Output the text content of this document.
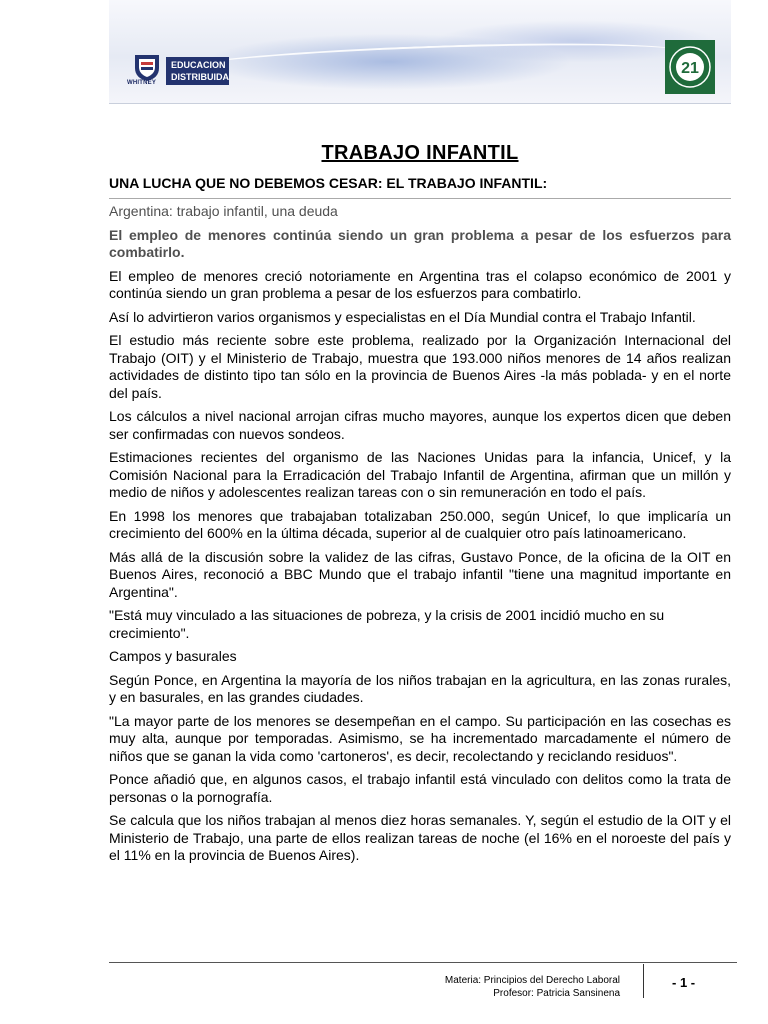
WHITNEY
EDUCACION
DISTRIBUIDA	21
TRABAJO INFANTIL
UNA LUCHA QUE NO DEBEMOS CESAR: EL TRABAJO INFANTIL:

Argentina: trabajo infantil, una deuda

El empleo de menores continúa siendo un gran problema a pesar de los esfuerzos para combatirlo.

El empleo de menores creció notoriamente en Argentina tras el colapso económico de 2001 y continúa siendo un gran problema a pesar de los esfuerzos para combatirlo.

Así lo advirtieron varios organismos y especialistas en el Día Mundial contra el Trabajo Infantil.

El estudio más reciente sobre este problema, realizado por la Organización Internacional del Trabajo (OIT) y el Ministerio de Trabajo, muestra que 193.000 niños menores de 14 años realizan actividades de distinto tipo tan sólo en la provincia de Buenos Aires -la más poblada- y en el norte del país.

Los cálculos a nivel nacional arrojan cifras mucho mayores, aunque los expertos dicen que deben ser confirmadas con nuevos sondeos.

Estimaciones recientes del organismo de las Naciones Unidas para la infancia, Unicef, y la Comisión Nacional para la Erradicación del Trabajo Infantil de Argentina, afirman que un millón y medio de niños y adolescentes realizan tareas con o sin remuneración en todo el país.

En 1998 los menores que trabajaban totalizaban 250.000, según Unicef, lo que implicaría un crecimiento del 600% en la última década, superior al de cualquier otro país latinoamericano.

Más allá de la discusión sobre la validez de las cifras, Gustavo Ponce, de la oficina de la OIT en Buenos Aires, reconoció a BBC Mundo que el trabajo infantil "tiene una magnitud importante en Argentina".

"Está muy vinculado a las situaciones de pobreza, y la crisis de 2001 incidió mucho en su crecimiento".

Campos y basurales

Según Ponce, en Argentina la mayoría de los niños trabajan en la agricultura, en las zonas rurales, y en basurales, en las grandes ciudades.

"La mayor parte de los menores se desempeñan en el campo. Su participación en las cosechas es muy alta, aunque por temporadas. Asimismo, se ha incrementado marcadamente el número de niños que se ganan la vida como 'cartoneros', es decir, recolectando y reciclando residuos".

Ponce añadió que, en algunos casos, el trabajo infantil está vinculado con delitos como la trata de personas o la pornografía.

Se calcula que los niños trabajan al menos diez horas semanales. Y, según el estudio de la OIT y el Ministerio de Trabajo, una parte de ellos realizan tareas de noche (el 16% en el noroeste del país y el 11% en la provincia de Buenos Aires).

Materia: Principios del Derecho Laboral
Profesor: Patricia Sansinena
- 1 -
